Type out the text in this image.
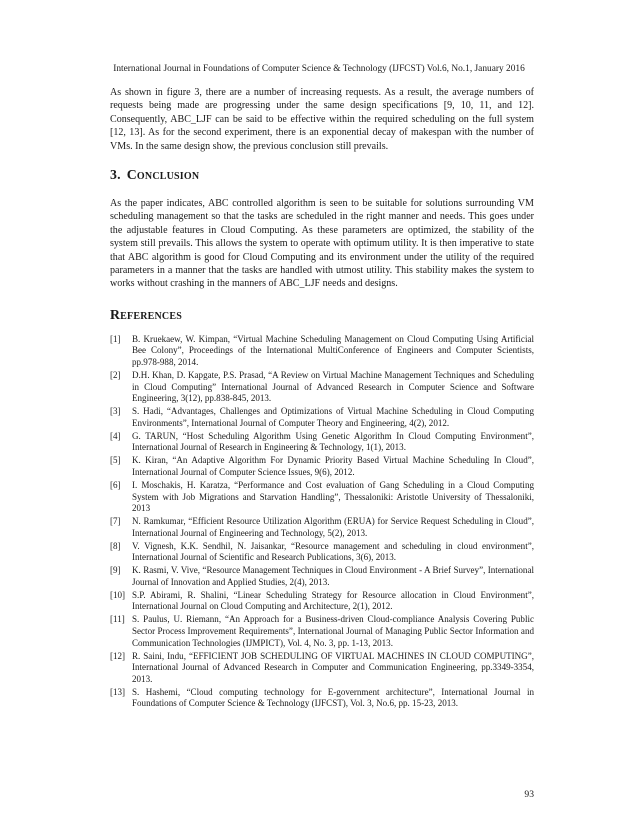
International Journal in Foundations of Computer Science & Technology (IJFCST) Vol.6, No.1, January 2016

As shown in figure 3, there are a number of increasing requests. As a result, the average numbers of requests being made are progressing under the same design specifications [9, 10, 11, and 12]. Consequently, ABC_LJF can be said to be effective within the required scheduling on the full system [12, 13]. As for the second experiment, there is an exponential decay of makespan with the number of VMs. In the same design show, the previous conclusion still prevails.

3. Conclusion

As the paper indicates, ABC controlled algorithm is seen to be suitable for solutions surrounding VM scheduling management so that the tasks are scheduled in the right manner and needs. This goes under the adjustable features in Cloud Computing. As these parameters are optimized, the stability of the system still prevails. This allows the system to operate with optimum utility. It is then imperative to state that ABC algorithm is good for Cloud Computing and its environment under the utility of the required parameters in a manner that the tasks are handled with utmost utility. This stability makes the system to works without crashing in the manners of ABC_LJF needs and designs.

References
[1]	B. Kruekaew, W. Kimpan, “Virtual Machine Scheduling Management on Cloud Computing Using Artificial Bee Colony”, Proceedings of the International MultiConference of Engineers and Computer Scientists, pp.978-988, 2014.
[2]	D.H. Khan, D. Kapgate, P.S. Prasad, “A Review on Virtual Machine Management Techniques and Scheduling in Cloud Computing” International Journal of Advanced Research in Computer Science and Software Engineering, 3(12), pp.838-845, 2013.
[3]	S. Hadi, “Advantages, Challenges and Optimizations of Virtual Machine Scheduling in Cloud Computing Environments”, International Journal of Computer Theory and Engineering, 4(2), 2012.
[4]	G. TARUN, “Host Scheduling Algorithm Using Genetic Algorithm In Cloud Computing Environment”, International Journal of Research in Engineering & Technology, 1(1), 2013.
[5]	K. Kiran, “An Adaptive Algorithm For Dynamic Priority Based Virtual Machine Scheduling In Cloud”, International Journal of Computer Science Issues, 9(6), 2012.
[6]	I. Moschakis, H. Karatza, “Performance and Cost evaluation of Gang Scheduling in a Cloud Computing System with Job Migrations and Starvation Handling”, Thessaloniki: Aristotle University of Thessaloniki, 2013
[7]	N. Ramkumar, “Efficient Resource Utilization Algorithm (ERUA) for Service Request Scheduling in Cloud”, International Journal of Engineering and Technology, 5(2), 2013.
[8]	V. Vignesh, K.K. Sendhil, N. Jaisankar, “Resource management and scheduling in cloud environment”, International Journal of Scientific and Research Publications, 3(6), 2013.
[9]	K. Rasmi, V. Vive, “Resource Management Techniques in Cloud Environment - A Brief Survey”, International Journal of Innovation and Applied Studies, 2(4), 2013.
[10] S.P. Abirami, R. Shalini, “Linear Scheduling Strategy for Resource allocation in Cloud Environment”, International Journal on Cloud Computing and Architecture, 2(1), 2012.
[11] S. Paulus, U. Riemann, “An Approach for a Business-driven Cloud-compliance Analysis Covering Public Sector Process Improvement Requirements”, International Journal of Managing Public Sector Information and Communication Technologies (IJMPICT), Vol. 4, No. 3, pp. 1-13, 2013.
[12] R. Saini, Indu, “EFFICIENT JOB SCHEDULING OF VIRTUAL MACHINES IN CLOUD COMPUTING”, International Journal of Advanced Research in Computer and Communication Engineering, pp.3349-3354, 2013.
[13] S. Hashemi, “Cloud computing technology for E-government architecture”, International Journal in Foundations of Computer Science & Technology (IJFCST), Vol. 3, No.6, pp. 15-23, 2013.
93
